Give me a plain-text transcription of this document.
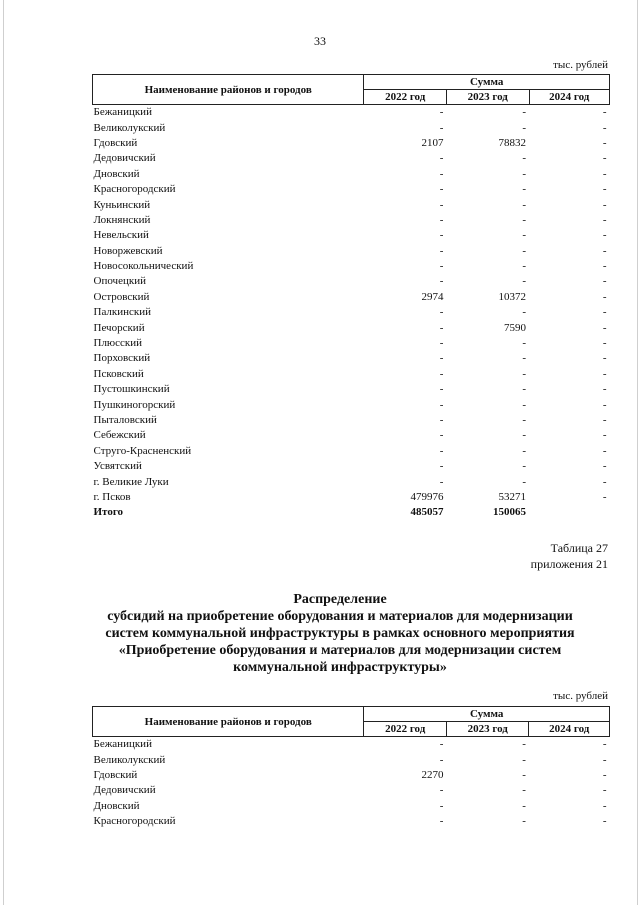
33
тыс. рублей
Наименование районов и городов	Сумма		
	2022 год	2023 год	2024 год
Бежаницкий	-	-	-
Великолукский	-	-	-
Гдовский	2107	78832	-
Дедовичский	-	-	-
Дновский	-	-	-
Красногородский	-	-	-
Куньинский	-	-	-
Локнянский	-	-	-
Невельский	-	-	-
Новоржевский	-	-	-
Новосокольнический	-	-	-
Опочецкий	-	-	-
Островский	2974	10372	-
Палкинский	-	-	-
Печорский	-	7590	-
Плюсский	-	-	-
Порховский	-	-	-
Псковский	-	-	-
Пустошкинский	-	-	-
Пушкиногорский	-	-	-
Пыталовский	-	-	-
Себежский	-	-	-
Струго-Красненский	-	-	-
Усвятский	-	-	-
г. Великие Луки	-	-	-
г. Псков	479976	53271	-
Итого	485057	150065	
Таблица 27
приложения 21
Распределение
субсидий на приобретение оборудования и материалов для модернизации
систем коммунальной инфраструктуры в рамках основного мероприятия
«Приобретение оборудования и материалов для модернизации систем
коммунальной инфраструктуры»
тыс. рублей
Наименование районов и городов	Сумма		
	2022 год	2023 год	2024 год
Бежаницкий	-	-	-
Великолукский	-	-	-
Гдовский	2270	-	-
Дедовичский	-	-	-
Дновский	-	-	-
Красногородский	-	-	-
